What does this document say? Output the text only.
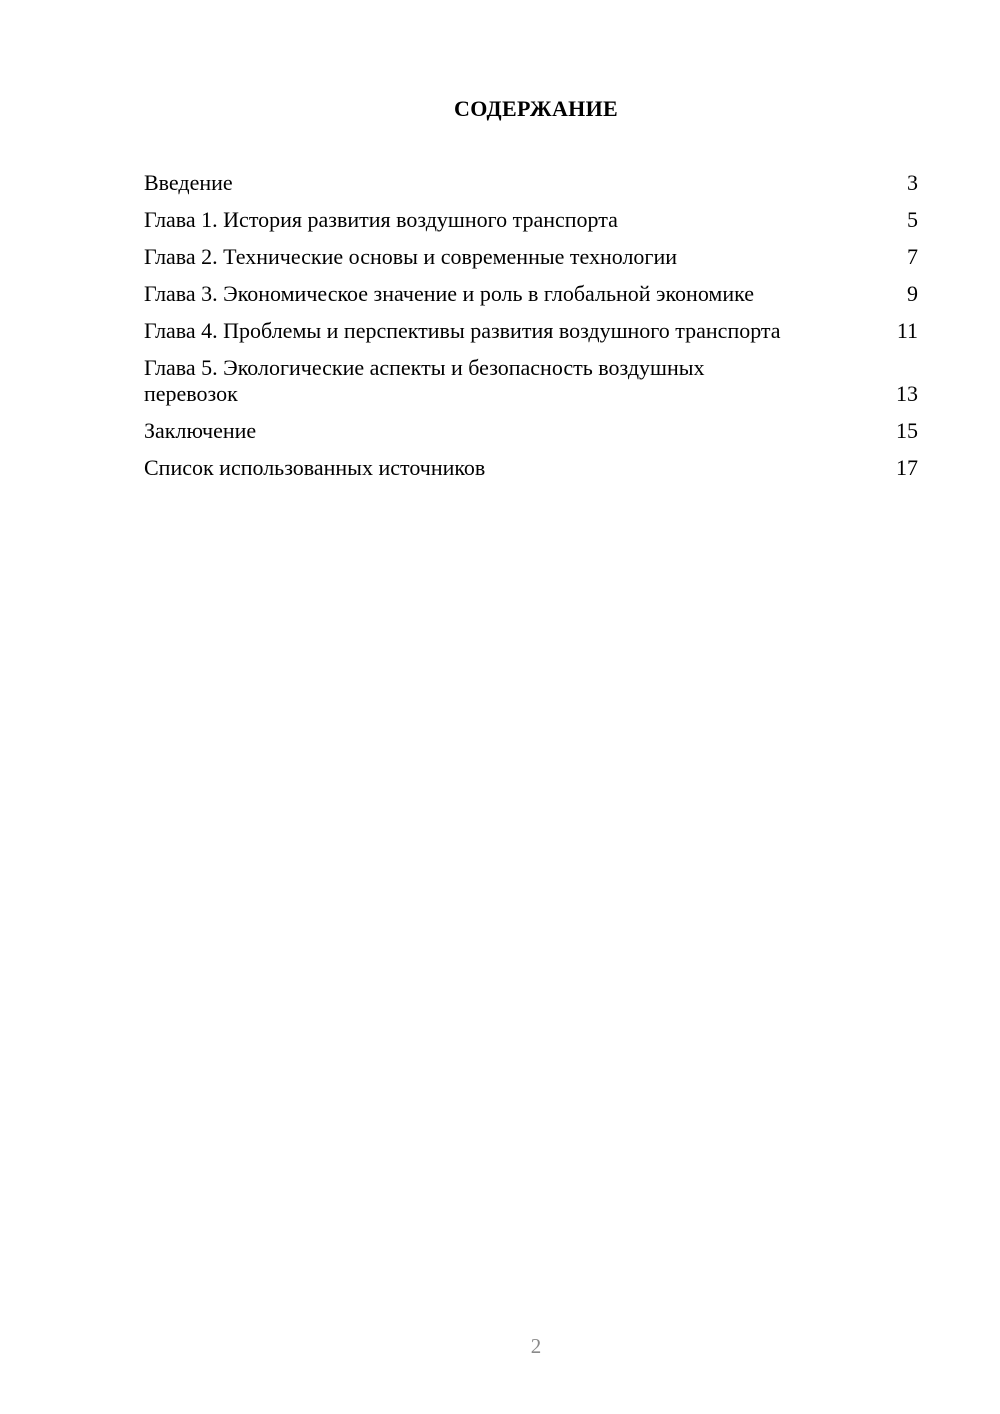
СОДЕРЖАНИЕ
Введение	3
Глава 1. История развития воздушного транспорта	5
Глава 2. Технические основы и современные технологии	7
Глава 3. Экономическое значение и роль в глобальной экономике	9
Глава 4. Проблемы и перспективы развития воздушного транспорта	11
Глава 5. Экологические аспекты и безопасность воздушных перевозок	13
Заключение	15
Список использованных источников	17
2
